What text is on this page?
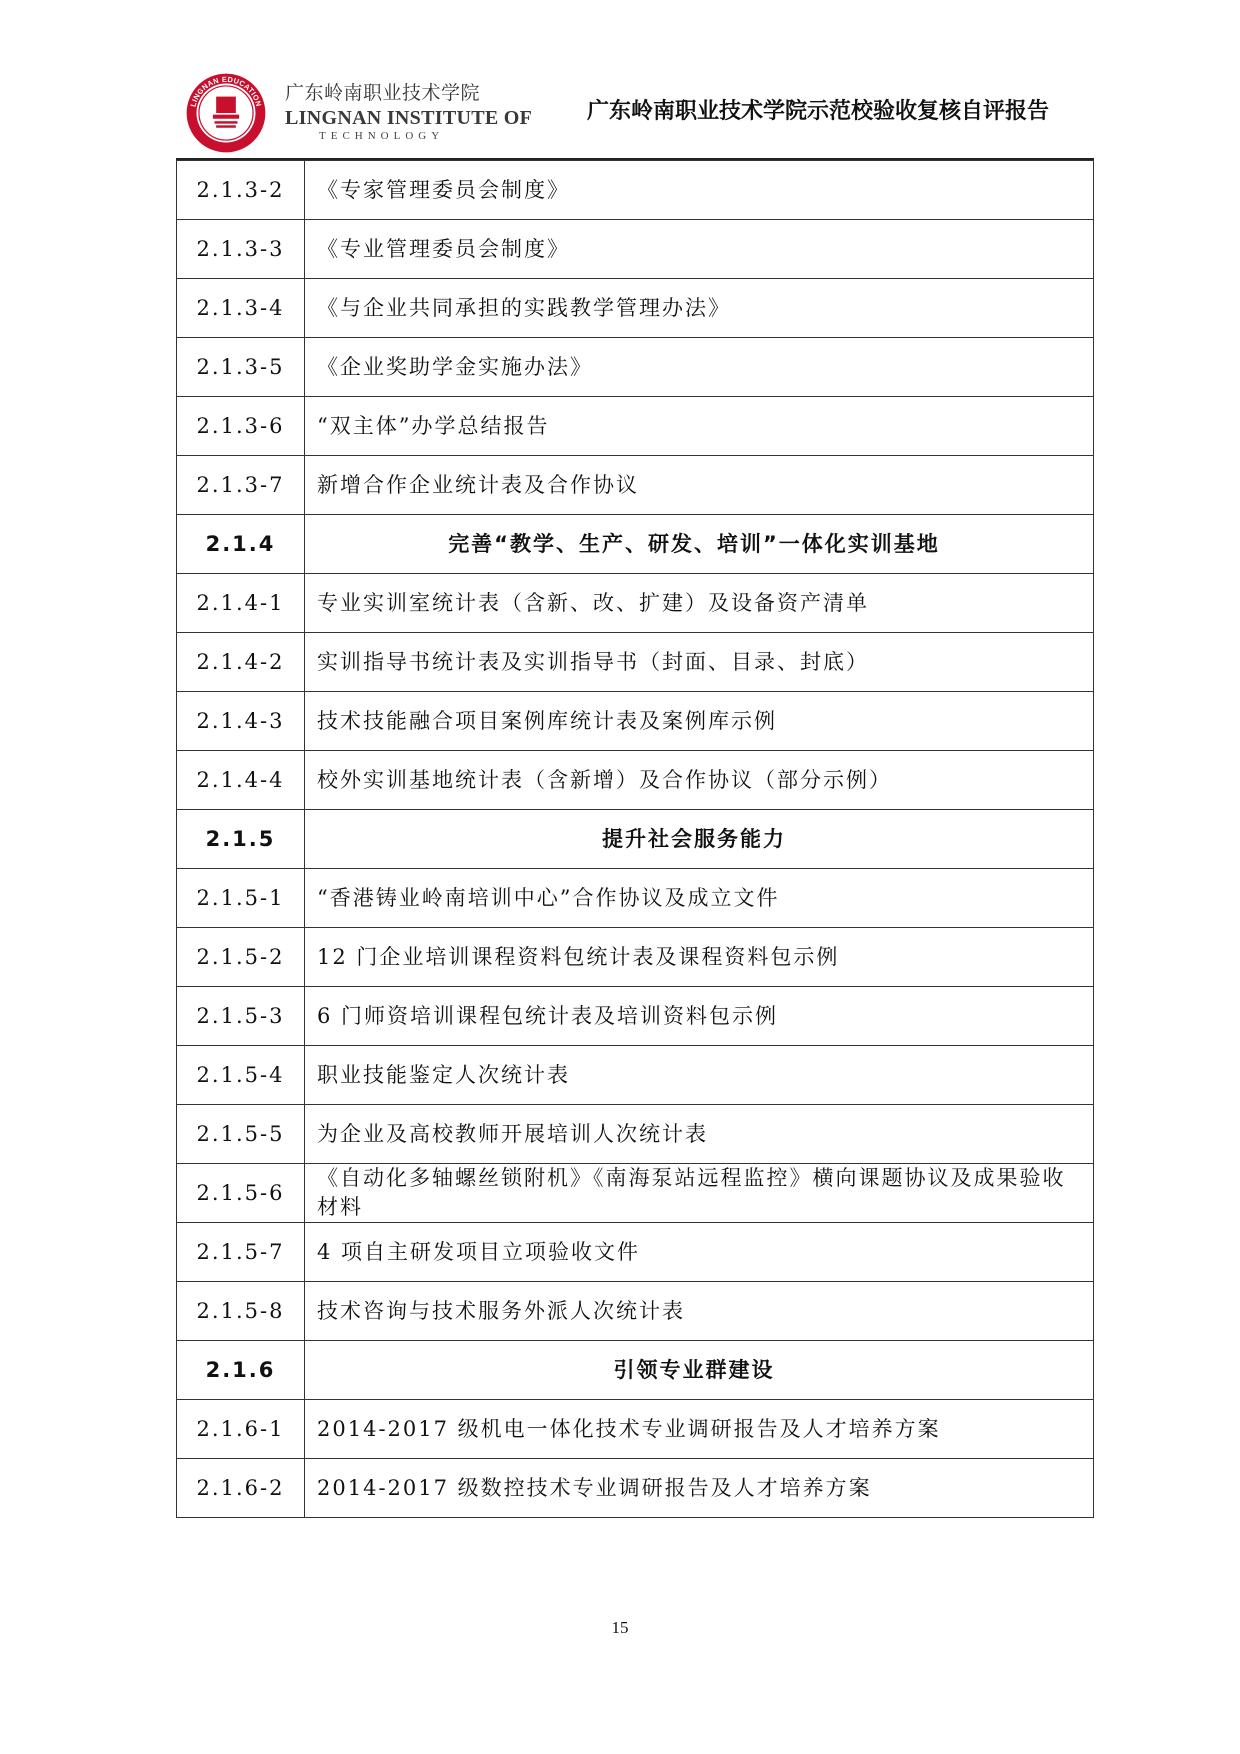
LINGNAN EDUCATION
EST.1993
广东岭南职业技术学院
LINGNAN INSTITUTE OF
TECHNOLOGY
广东岭南职业技术学院示范校验收复核自评报告
2.1.3-2	《专家管理委员会制度》
2.1.3-3	《专业管理委员会制度》
2.1.3-4	《与企业共同承担的实践教学管理办法》
2.1.3-5	《企业奖助学金实施办法》
2.1.3-6	“双主体”办学总结报告
2.1.3-7	新增合作企业统计表及合作协议
2.1.4	完善“教学、生产、研发、培训”一体化实训基地
2.1.4-1	专业实训室统计表（含新、改、扩建）及设备资产清单
2.1.4-2	实训指导书统计表及实训指导书（封面、目录、封底）
2.1.4-3	技术技能融合项目案例库统计表及案例库示例
2.1.4-4	校外实训基地统计表（含新增）及合作协议（部分示例）
2.1.5	提升社会服务能力
2.1.5-1	“香港铸业岭南培训中心”合作协议及成立文件
2.1.5-2	12 门企业培训课程资料包统计表及课程资料包示例
2.1.5-3	6 门师资培训课程包统计表及培训资料包示例
2.1.5-4	职业技能鉴定人次统计表
2.1.5-5	为企业及高校教师开展培训人次统计表
2.1.5-6	《自动化多轴螺丝锁附机》《南海泵站远程监控》横向课题协议及成果验收材料
2.1.5-7	4 项自主研发项目立项验收文件
2.1.5-8	技术咨询与技术服务外派人次统计表
2.1.6	引领专业群建设
2.1.6-1	2014-2017 级机电一体化技术专业调研报告及人才培养方案
2.1.6-2	2014-2017 级数控技术专业调研报告及人才培养方案
15
